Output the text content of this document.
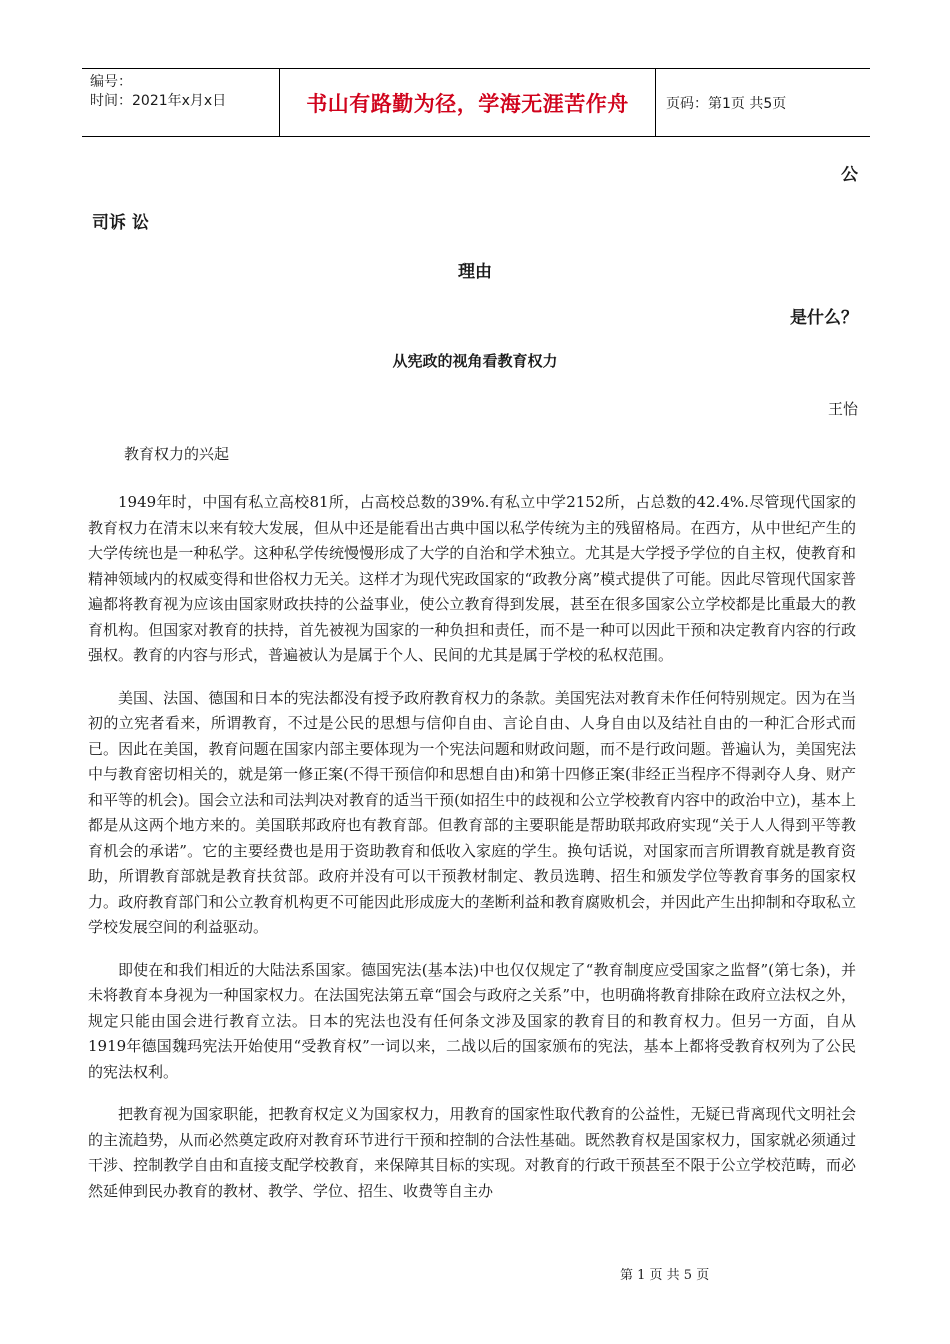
编号：
时间：2021年x月x日	书山有路勤为径，学海无涯苦作舟	页码：第1页 共5页
公
司诉 讼
理由
是什么？
从宪政的视角看教育权力
王怡
教育权力的兴起

1949年时，中国有私立高校81所，占高校总数的39%.有私立中学2152所，占总数的42.4%.尽管现代国家的教育权力在清末以来有较大发展，但从中还是能看出古典中国以私学传统为主的残留格局。在西方，从中世纪产生的大学传统也是一种私学。这种私学传统慢慢形成了大学的自治和学术独立。尤其是大学授予学位的自主权，使教育和精神领域内的权威变得和世俗权力无关。这样才为现代宪政国家的“政教分离”模式提供了可能。因此尽管现代国家普遍都将教育视为应该由国家财政扶持的公益事业，使公立教育得到发展，甚至在很多国家公立学校都是比重最大的教育机构。但国家对教育的扶持，首先被视为国家的一种负担和责任，而不是一种可以因此干预和决定教育内容的行政强权。教育的内容与形式，普遍被认为是属于个人、民间的尤其是属于学校的私权范围。

美国、法国、德国和日本的宪法都没有授予政府教育权力的条款。美国宪法对教育未作任何特别规定。因为在当初的立宪者看来，所谓教育，不过是公民的思想与信仰自由、言论自由、人身自由以及结社自由的一种汇合形式而已。因此在美国，教育问题在国家内部主要体现为一个宪法问题和财政问题，而不是行政问题。普遍认为，美国宪法中与教育密切相关的，就是第一修正案(不得干预信仰和思想自由)和第十四修正案(非经正当程序不得剥夺人身、财产和平等的机会)。国会立法和司法判决对教育的适当干预(如招生中的歧视和公立学校教育内容中的政治中立)，基本上都是从这两个地方来的。美国联邦政府也有教育部。但教育部的主要职能是帮助联邦政府实现“关于人人得到平等教育机会的承诺”。它的主要经费也是用于资助教育和低收入家庭的学生。换句话说，对国家而言所谓教育就是教育资助，所谓教育部就是教育扶贫部。政府并没有可以干预教材制定、教员选聘、招生和颁发学位等教育事务的国家权力。政府教育部门和公立教育机构更不可能因此形成庞大的垄断利益和教育腐败机会，并因此产生出抑制和夺取私立学校发展空间的利益驱动。

即使在和我们相近的大陆法系国家。德国宪法(基本法)中也仅仅规定了“教育制度应受国家之监督”(第七条)，并未将教育本身视为一种国家权力。在法国宪法第五章“国会与政府之关系”中，也明确将教育排除在政府立法权之外，规定只能由国会进行教育立法。日本的宪法也没有任何条文涉及国家的教育目的和教育权力。但另一方面，自从1919年德国魏玛宪法开始使用“受教育权”一词以来，二战以后的国家颁布的宪法，基本上都将受教育权列为了公民的宪法权利。

把教育视为国家职能，把教育权定义为国家权力，用教育的国家性取代教育的公益性，无疑已背离现代文明社会的主流趋势，从而必然奠定政府对教育环节进行干预和控制的合法性基础。既然教育权是国家权力，国家就必须通过干涉、控制教学自由和直接支配学校教育，来保障其目标的实现。对教育的行政干预甚至不限于公立学校范畴，而必然延伸到民办教育的教材、教学、学位、招生、收费等自主办

第 1 页 共 5 页
